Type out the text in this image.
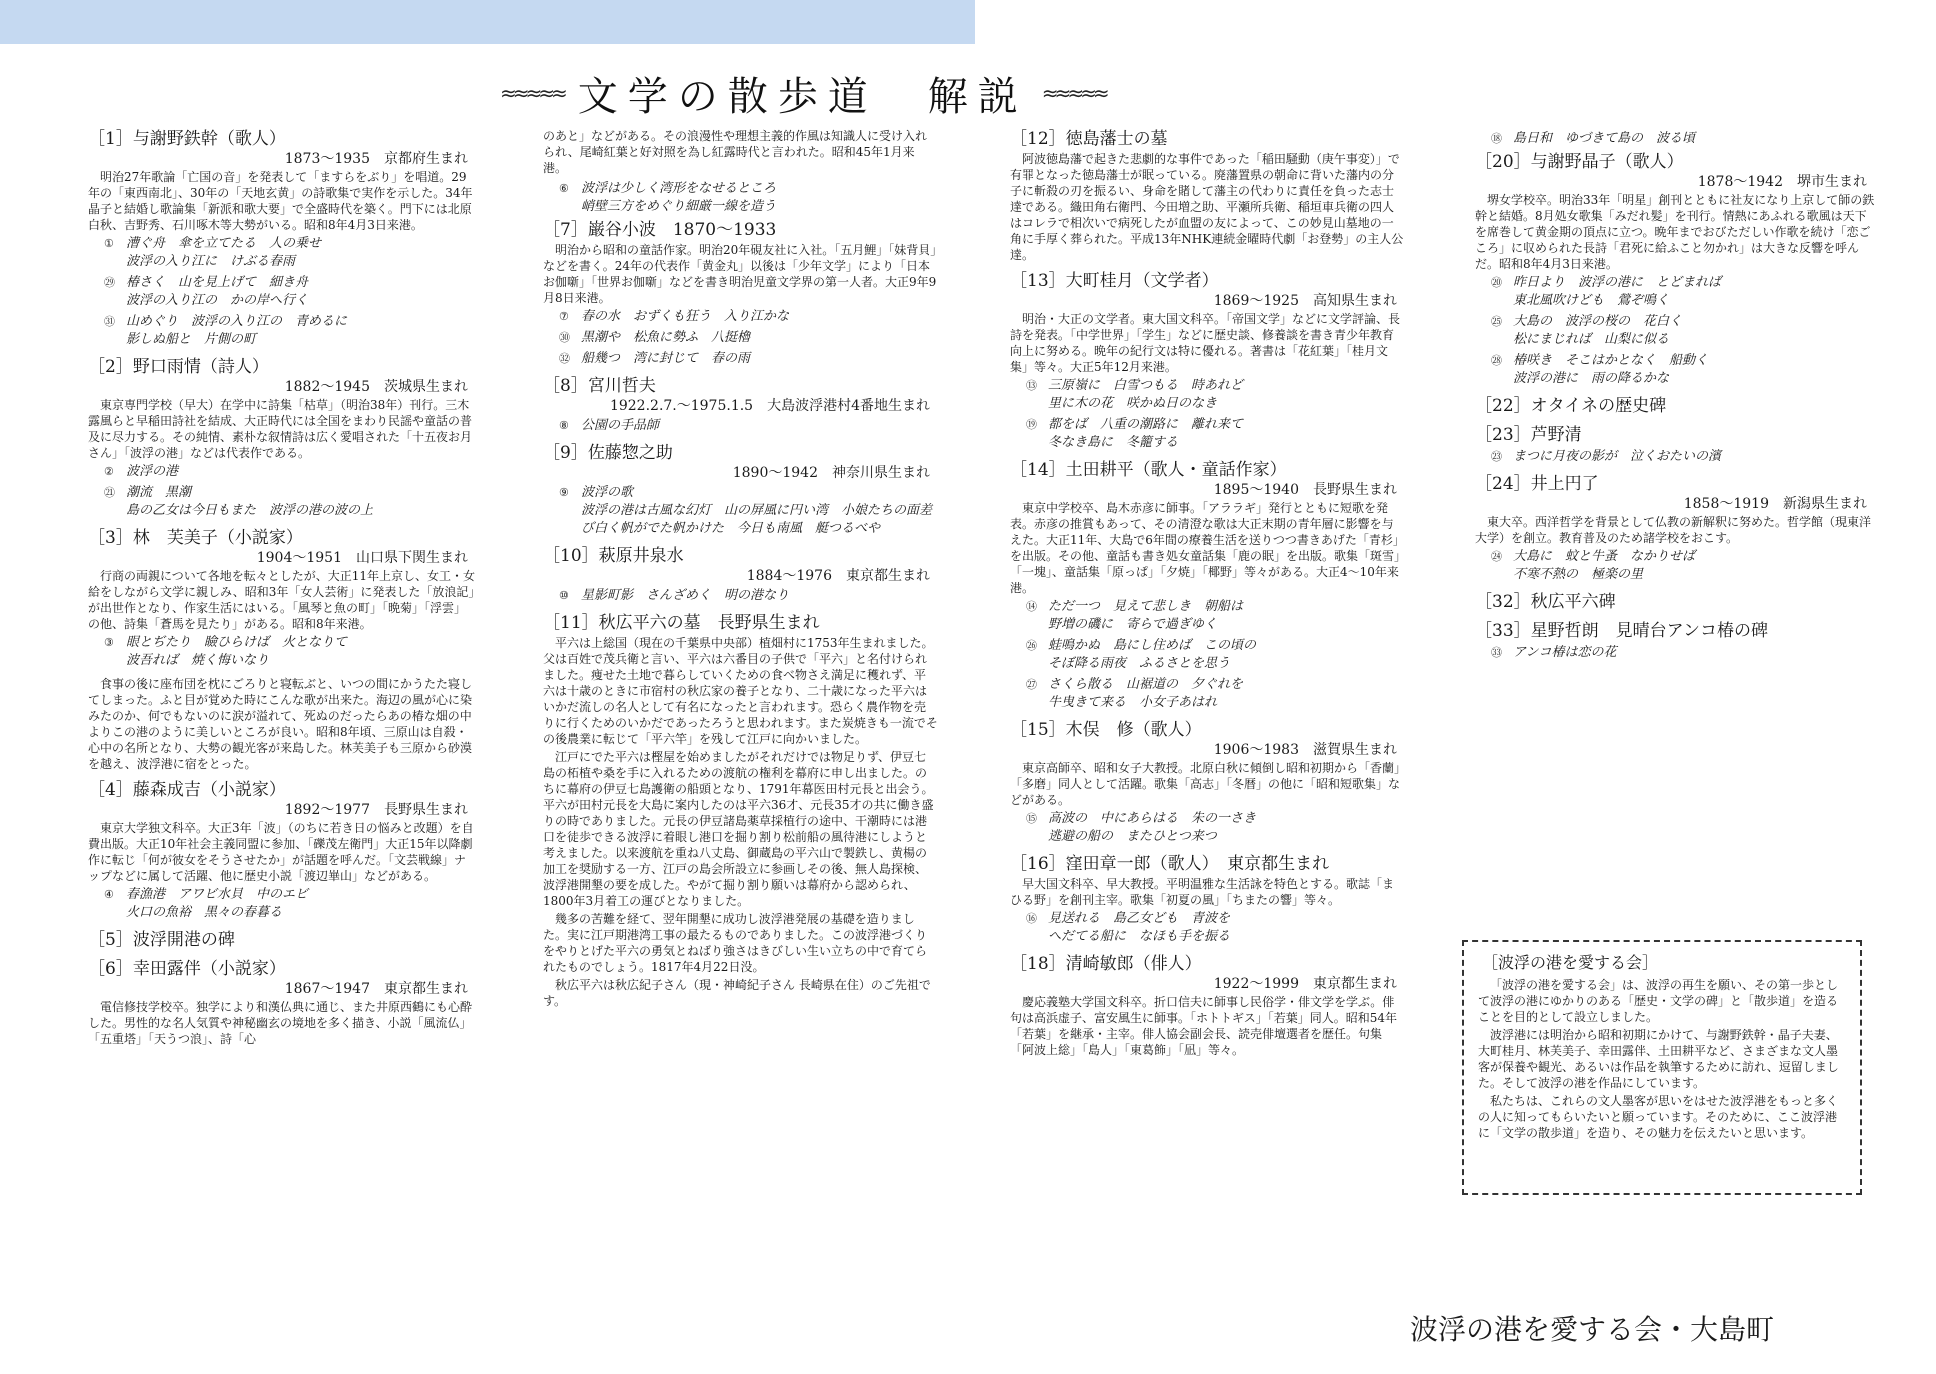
≈≈≈≈≈ 文学の散歩道　解説 ≈≈≈≈≈
［1］与謝野鉄幹（歌人）
1873〜1935　京都府生まれ
明治27年歌論「亡国の音」を発表して「ますらをぶり」を唱道。29年の「東西南北」、30年の「天地玄黄」の詩歌集で実作を示した。34年晶子と結婚し歌論集「新派和歌大要」で全盛時代を築く。門下には北原白秋、吉野秀、石川啄木等大勢がいる。昭和8年4月3日来港。
① 漕ぐ舟　傘を立てたる　人の乗せ
波浮の入り江に　けぶる春雨
㉙ 椿さく　山を見上げて　細き舟
波浮の入り江の　かの岸へ行く
㉛ 山めぐり　波浮の入り江の　青めるに
影しぬ船と　片側の町
［2］野口雨情（詩人）
1882〜1945　茨城県生まれ
東京専門学校（早大）在学中に詩集「枯草」（明治38年）刊行。三木露風らと早稲田詩社を結成、大正時代には全国をまわり民謡や童話の普及に尽力する。その純情、素朴な叙情詩は広く愛唱された「十五夜お月さん」「波浮の港」などは代表作である。
② 波浮の港
㉑ 潮流　黒潮
島の乙女は今日もまた　波浮の港の波の上
［3］林　芙美子（小説家）
1904〜1951　山口県下関生まれ
行商の両親について各地を転々としたが、大正11年上京し、女工・女給をしながら文学に親しみ、昭和3年「女人芸術」に発表した「放浪記」が出世作となり、作家生活にはいる。「風琴と魚の町」「晩菊」「浮雲」の他、詩集「蒼馬を見たり」がある。昭和8年来港。
③ 眼とぢたり　瞼ひらけば　火となりて
波吾れば　焼く悔いなり
食事の後に座布団を枕にごろりと寝転ぶと、いつの間にかうたた寝してしまった。ふと目が覚めた時にこんな歌が出来た。海辺の風が心に染みたのか、何でもないのに涙が溢れて、死ぬのだったらあの椿な畑の中よりこの港のように美しいところが良い。昭和8年頃、三原山は自殺・心中の名所となり、大勢の観光客が来島した。林芙美子も三原から砂漠を越え、波浮港に宿をとった。
［4］藤森成吉（小説家）
1892〜1977　長野県生まれ
東京大学独文科卒。大正3年「波」（のちに若き日の悩みと改題）を自費出版。大正10年社会主義同盟に参加、「礫茂左衛門」大正15年以降劇作に転じ「何が彼女をそうさせたか」が話題を呼んだ。「文芸戦線」ナップなどに属して活躍、他に歴史小説「渡辺崋山」などがある。
④ 春漁港　アワビ水貝　中のエビ
火口の魚裕　黒々の春暮る
［5］波浮開港の碑
［6］幸田露伴（小説家）
1867〜1947　東京都生まれ
電信修技学校卒。独学により和漢仏典に通じ、また井原西鶴にも心酔した。男性的な名人気質や神秘幽玄の境地を多く描き、小説「風流仏」「五重塔」「天うつ浪」、詩「心
のあと」などがある。その浪漫性や理想主義的作風は知識人に受け入れられ、尾崎紅葉と好対照を為し紅露時代と言われた。昭和45年1月来港。
⑥ 波浮は少しく湾形をなせるところ
峭壁三方をめぐり細厳一線を造う
［7］巌谷小波　1870〜1933
明治から昭和の童話作家。明治20年硯友社に入社。「五月鯉」「妹背貝」などを書く。24年の代表作「黄金丸」以後は「少年文学」により「日本お伽噺」「世界お伽噺」などを書き明治児童文学界の第一人者。大正9年9月8日来港。
⑦ 春の水　おずくも狂う　入り江かな
㉚ 黒潮や　松魚に勢ふ　八挺櫓
㉜ 船幾つ　湾に封じて　春の雨
［8］宮川哲夫
1922.2.7.〜1975.1.5　大島波浮港村4番地生まれ
⑧ 公園の手品師
［9］佐藤惣之助
1890〜1942　神奈川県生まれ
⑨ 波浮の歌
波浮の港は古風な幻灯　山の屏風に円い湾　小娘たちの面差び白く帆がでた帆かけた　今日も南風　艇つるべや
［10］萩原井泉水
1884〜1976　東京都生まれ
⑩ 星影町影　さんざめく　明の港なり
［11］秋広平六の墓　長野県生まれ
平六は上総国（現在の千葉県中央部）植畑村に1753年生まれました。父は百姓で茂兵衛と言い、平六は六番目の子供で「平六」と名付けられました。痩せた土地で暮らしていくための食べ物さえ満足に穫れず、平六は十歳のときに市宿村の秋広家の養子となり、二十歳になった平六はいかだ流しの名人として有名になったと言われます。恐らく農作物を売りに行くためのいかだであったろうと思われます。また炭焼きも一流でその後農業に転じて「平六竿」を残して江戸に向かいました。
江戸にでた平六は樫屋を始めましたがそれだけでは物足りず、伊豆七島の柘植や桑を手に入れるための渡航の権利を幕府に申し出ました。のちに幕府の伊豆七島護衛の船頭となり、1791年幕医田村元長と出会う。平六が田村元長を大島に案内したのは平六36才、元長35才の共に働き盛りの時でありました。元長の伊豆諸島薬草採植行の途中、干潮時には港口を徒歩できる波浮に着眼し港口を掘り割り松前船の風待港にしようと考えました。以来渡航を重ね八丈島、御蔵島の平六山で製鉄し、黄楊の加工を奨励する一方、江戸の島会所設立に参画しその後、無人島探検、波浮港開墾の要を成した。やがて掘り割り願いは幕府から認められ、1800年3月着工の運びとなりました。
幾多の苦難を経て、翌年開墾に成功し波浮港発展の基礎を造りました。実に江戸期港湾工事の最たるものでありました。この波浮港づくりをやりとげた平六の勇気とねばり強さはきびしい生い立ちの中で育てられたものでしょう。1817年4月22日没。
秋広平六は秋広紀子さん（現・神崎紀子さん 長崎県在住）のご先祖です。
［12］徳島藩士の墓
阿波徳島藩で起きた悲劇的な事件であった「稲田騒動（庚午事変）」で有罪となった徳島藩士が眠っている。廃藩置県の朝命に背いた藩内の分子に斬殺の刃を振るい、身命を賭して藩主の代わりに責任を負った志士達である。織田角右衛門、今田増之助、平瀬所兵衛、稲垣車兵衛の四人はコレラで相次いで病死したが血盟の友によって、この妙見山墓地の一角に手厚く葬られた。平成13年NHK連続金曜時代劇「お登勢」の主人公達。
［13］大町桂月（文学者）
1869〜1925　高知県生まれ
明治・大正の文学者。東大国文科卒。「帝国文学」などに文学評論、長詩を発表。「中学世界」「学生」などに歴史談、修養談を書き青少年教育向上に努める。晩年の紀行文は特に優れる。著書は「花紅葉」「桂月文集」等々。大正5年12月来港。
⑬ 三原嶺に　白雪つもる　時あれど
里に木の花　咲かぬ日のなき
⑲ 都をば　八重の潮路に　離れ来て
冬なき島に　冬籠する
［14］土田耕平（歌人・童話作家）
1895〜1940　長野県生まれ
東京中学校卒、島木赤彦に師事。「アララギ」発行とともに短歌を発表。赤彦の推賞もあって、その清澄な歌は大正末期の青年層に影響を与えた。大正11年、大島で6年間の療養生活を送りつつ書きあげた「青杉」を出版。その他、童話も書き処女童話集「鹿の眠」を出版。歌集「斑雪」「一塊」、童話集「原っぱ」「夕焼」「椰野」等々がある。大正4〜10年来港。
⑭ ただ一つ　見えて悲しき　朝船は
野増の磯に　寄らで過ぎゆく
㉖ 蛙鳴かぬ　島にし住めば　この頃の
そぼ降る雨夜　ふるさとを思う
㉗ さくら散る　山裾道の　夕ぐれを
牛曳きて来る　小女子あはれ
［15］木俣　修（歌人）
1906〜1983　滋賀県生まれ
東京高師卒、昭和女子大教授。北原白秋に傾倒し昭和初期から「香蘭」「多磨」同人として活躍。歌集「高志」「冬暦」の他に「昭和短歌集」などがある。
⑮ 高波の　中にあらはる　朱の一さき
逃避の船の　またひとつ来つ
［16］窪田章一郎（歌人）　東京都生まれ
早大国文科卒、早大教授。平明温雅な生活詠を特色とする。歌誌「まひる野」を創刊主宰。歌集「初夏の風」「ちまたの響」等々。
⑯ 見送れる　島乙女ども　青波を
へだてる船に　なほも手を振る
［18］清崎敏郎（俳人）
1922〜1999　東京都生まれ
慶応義塾大学国文科卒。折口信夫に師事し民俗学・俳文学を学ぶ。俳句は高浜虚子、富安風生に師事。「ホトトギス」「若葉」同人。昭和54年「若葉」を継承・主宰。俳人協会副会長、読売俳壇選者を歴任。句集「阿波上総」「島人」「東葛飾」「凪」等々。
⑱ 島日和　ゆづきて島の　波る頃
［20］与謝野晶子（歌人）
1878〜1942　堺市生まれ
堺女学校卒。明治33年「明星」創刊とともに社友になり上京して師の鉄幹と結婚。8月処女歌集「みだれ髪」を刊行。情熱にあふれる歌風は天下を席巻して黄金期の頂点に立つ。晩年までおびただしい作歌を続け「恋ごころ」に収められた長詩「君死に給ふこと勿かれ」は大きな反響を呼んだ。昭和8年4月3日来港。
⑳ 昨日より　波浮の港に　とどまれば
東北風吹けども　鶯ぞ鳴く
㉕ 大島の　波浮の桜の　花白く
松にまじれば　山梨に似る
㉘ 椿咲き　そこはかとなく　船動く
波浮の港に　雨の降るかな
［22］オタイネの歴史碑
［23］芦野清
㉓ まつに月夜の影が　泣くおたいの濱
［24］井上円了
1858〜1919　新潟県生まれ
東大卒。西洋哲学を背景として仏教の新解釈に努めた。哲学館（現東洋大学）を創立。教育普及のため諸学校をおこす。
㉔ 大島に　蚊と牛蚤　なかりせば
不寒不熱の　極楽の里
［32］秋広平六碑
［33］星野哲朗　見晴台アンコ椿の碑
㉝ アンコ椿は恋の花
［波浮の港を愛する会］

「波浮の港を愛する会」は、波浮の再生を願い、その第一歩として波浮の港にゆかりのある「歴史・文学の碑」と「散歩道」を造ることを目的として設立しました。

波浮港には明治から昭和初期にかけて、与謝野鉄幹・晶子夫妻、大町桂月、林芙美子、幸田露伴、土田耕平など、さまざまな文人墨客が保養や観光、あるいは作品を執筆するために訪れ、逗留しました。そして波浮の港を作品にしています。

私たちは、これらの文人墨客が思いをはせた波浮港をもっと多くの人に知ってもらいたいと願っています。そのために、ここ波浮港に「文学の散歩道」を造り、その魅力を伝えたいと思います。

波浮の港を愛する会・大島町
